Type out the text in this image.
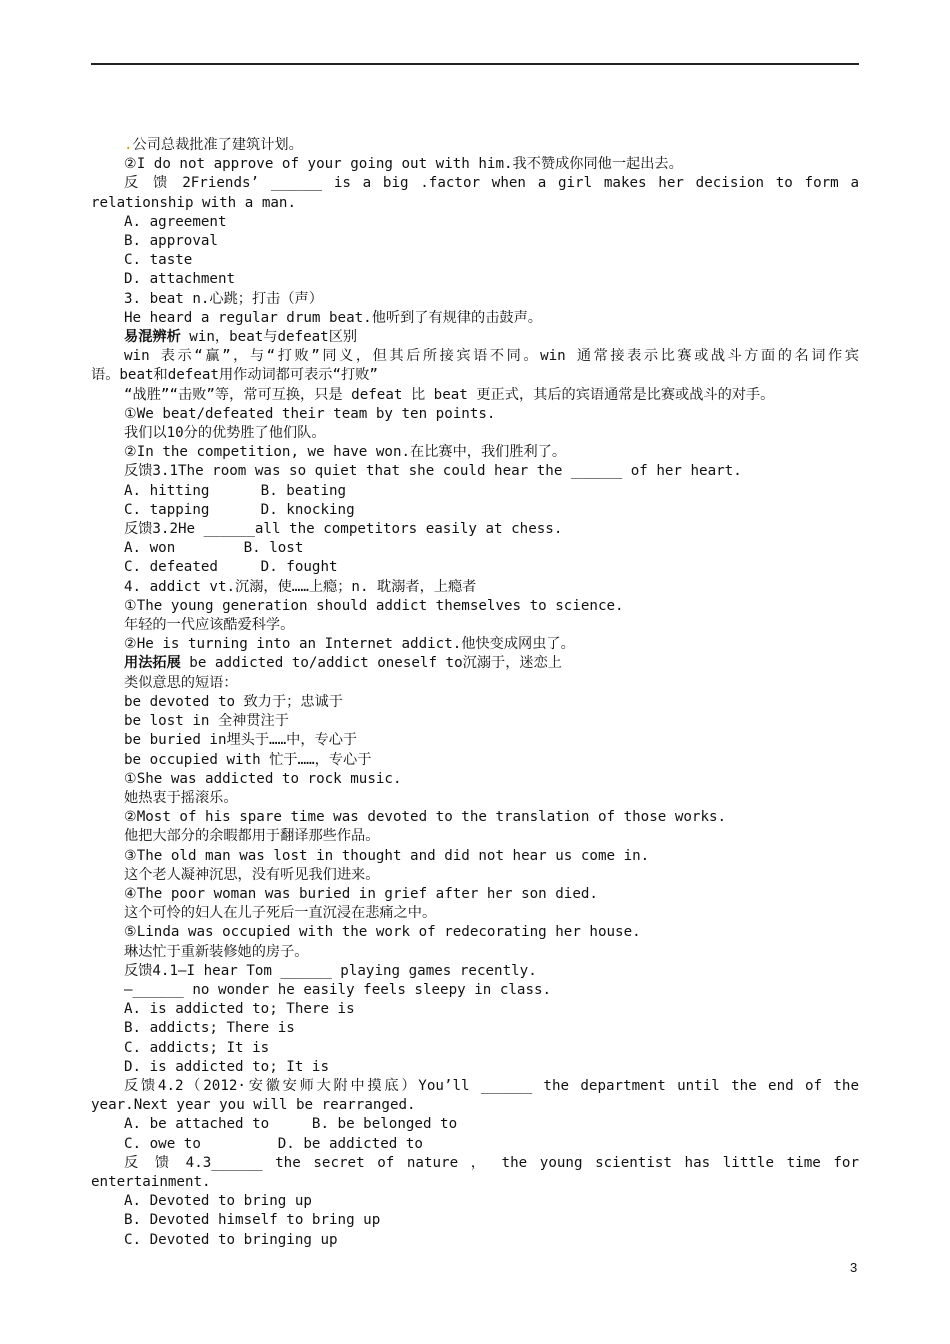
.公司总裁批准了建筑计划。

②I do not approve of your going out with him.我不赞成你同他一起出去。

反 馈 2Friends’ ______ is a big .factor when a girl makes her decision to form a

relationship with a man.

A. agreement

B. approval

C. taste

D. attachment

3. beat n.心跳；打击（声）

He heard a regular drum beat.他听到了有规律的击鼓声。

易混辨析 win，beat与defeat区别

win 表示“赢”，与“打败”同义，但其后所接宾语不同。win 通常接表示比赛或战斗方面的名词作宾

语。beat和defeat用作动词都可表示“打败”

“战胜”“击败”等，常可互换，只是 defeat 比 beat 更正式，其后的宾语通常是比赛或战斗的对手。

①We beat/defeated their team by ten points.

我们以10分的优势胜了他们队。

②In the competition, we have won.在比赛中，我们胜利了。

反馈3.1The room was so quiet that she could hear the ______ of her heart.

A. hitting      B. beating

C. tapping      D. knocking

反馈3.2He ______all the competitors easily at chess.

A. won        B. lost

C. defeated     D. fought

4. addict vt.沉溺，使……上瘾；n. 耽溺者，上瘾者

①The young generation should addict themselves to science.

年轻的一代应该酷爱科学。

②He is turning into an Internet addict.他快变成网虫了。

用法拓展 be addicted to/addict oneself to沉溺于，迷恋上

类似意思的短语：

be devoted to 致力于；忠诚于

be lost in 全神贯注于

be buried in埋头于……中，专心于

be occupied with 忙于……，专心于

①She was addicted to rock music.

她热衷于摇滚乐。

②Most of his spare time was devoted to the translation of those works.

他把大部分的余暇都用于翻译那些作品。

③The old man was lost in thought and did not hear us come in.

这个老人凝神沉思，没有听见我们进来。

④The poor woman was buried in grief after her son died.

这个可怜的妇人在儿子死后一直沉浸在悲痛之中。

⑤Linda was occupied with the work of redecorating her house.

琳达忙于重新装修她的房子。

反馈4.1—I hear Tom ______ playing games recently.

—______ no wonder he easily feels sleepy in class.

A. is addicted to; There is

B. addicts; There is

C. addicts; It is

D. is addicted to; It is

反馈4.2（2012·安徽安师大附中摸底）You’ll ______ the department until the end of the

year.Next year you will be rearranged.

A. be attached to     B. be belonged to

C. owe to         D. be addicted to

反 馈 4.3______ the secret of nature ， the young scientist has little time for

entertainment.

A. Devoted to bring up

B. Devoted himself to bring up

C. Devoted to bringing up

3
